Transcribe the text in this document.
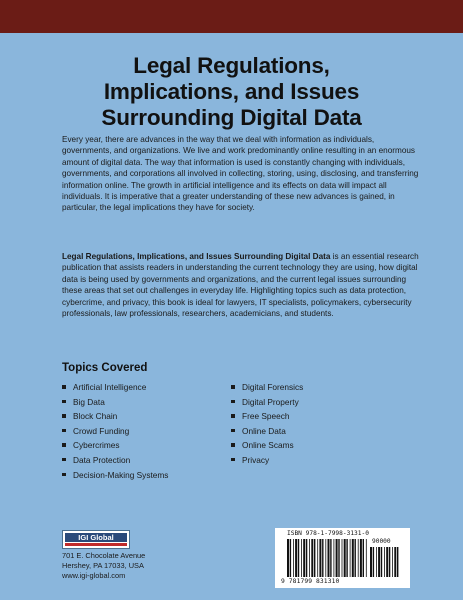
Legal Regulations,
Implications, and Issues
Surrounding Digital Data
Every year, there are advances in the way that we deal with information as individuals, governments, and organizations. We live and work predominantly online resulting in an enormous amount of digital data. The way that information is used is constantly changing with individuals, governments, and corporations all involved in collecting, storing, using, disclosing, and transferring information online. The growth in artificial intelligence and its effects on data will impact all individuals. It is imperative that a greater understanding of these new advances is gained, in particular, the legal implications they have for society.
Legal Regulations, Implications, and Issues Surrounding Digital Data is an essential research publication that assists readers in understanding the current technology they are using, how digital data is being used by governments and organizations, and the current legal issues surrounding these areas that set out challenges in everyday life. Highlighting topics such as data protection, cybercrime, and privacy, this book is ideal for lawyers, IT specialists, policymakers, cybersecurity professionals, law professionals, researchers, academicians, and students.
Topics Covered
Artificial Intelligence
Big Data
Block Chain
Crowd Funding
Cybercrimes
Data Protection
Decision-Making Systems
Digital Forensics
Digital Property
Free Speech
Online Data
Online Scams
Privacy
IGI Global
701 E. Chocolate Avenue
Hershey, PA 17033, USA
www.igi-global.com
ISBN 978-1-7998-3131-0
90000
9 781799 831310
